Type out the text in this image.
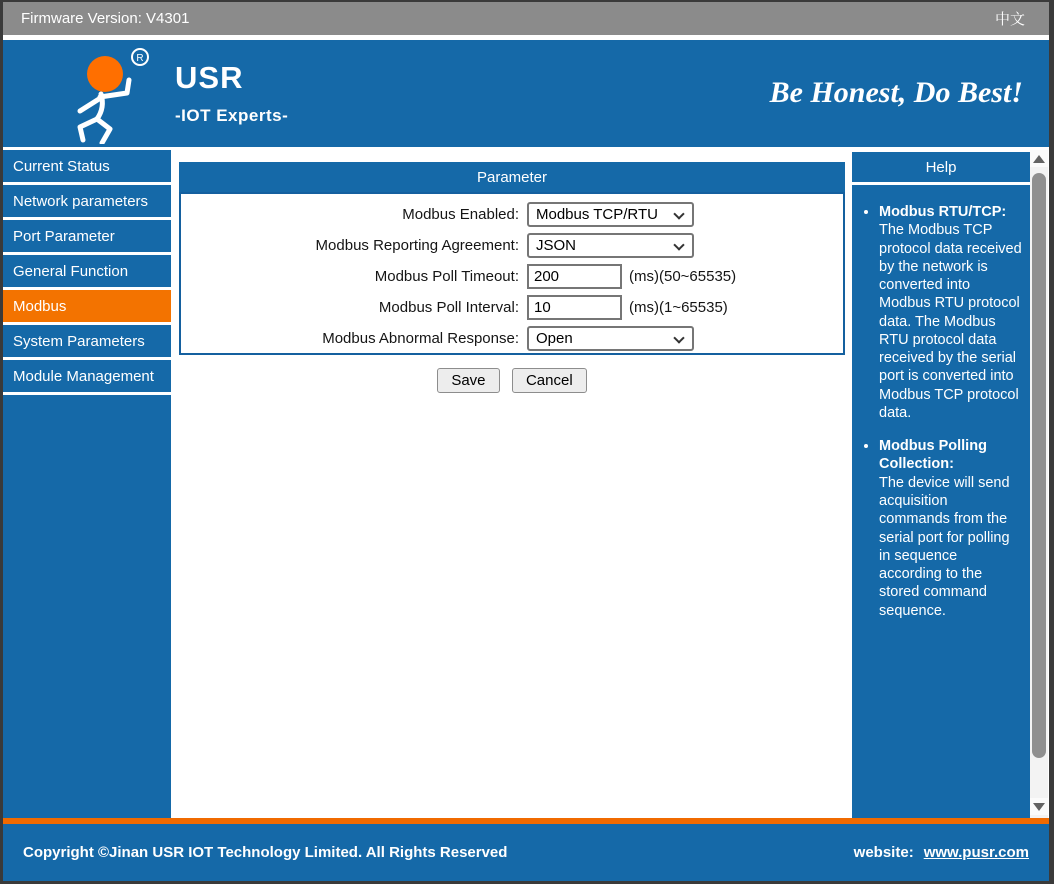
Firmware Version: V4301	中文
R
USR
-IOT Experts-
Be Honest, Do Best!
Current Status
Network parameters
Port Parameter
General Function
Modbus
System Parameters
Module Management
Parameter
Modbus Enabled: Modbus TCP/RTU
Modbus Reporting Agreement: JSON
Modbus Poll Timeout:
200	(ms)(50~65535)
Modbus Poll Interval:
10	(ms)(1~65535)
Modbus Abnormal Response: Open
Save	Cancel
Help
• Modbus RTU/TCP:
The Modbus TCP protocol data received by the network is converted into Modbus RTU protocol data. The Modbus RTU protocol data received by the serial port is converted into Modbus TCP protocol data.
• Modbus Polling Collection:
The device will send acquisition commands from the serial port for polling in sequence according to the stored command sequence.
Copyright ©Jinan USR IOT Technology Limited. All Rights Reserved	website: www.pusr.com
